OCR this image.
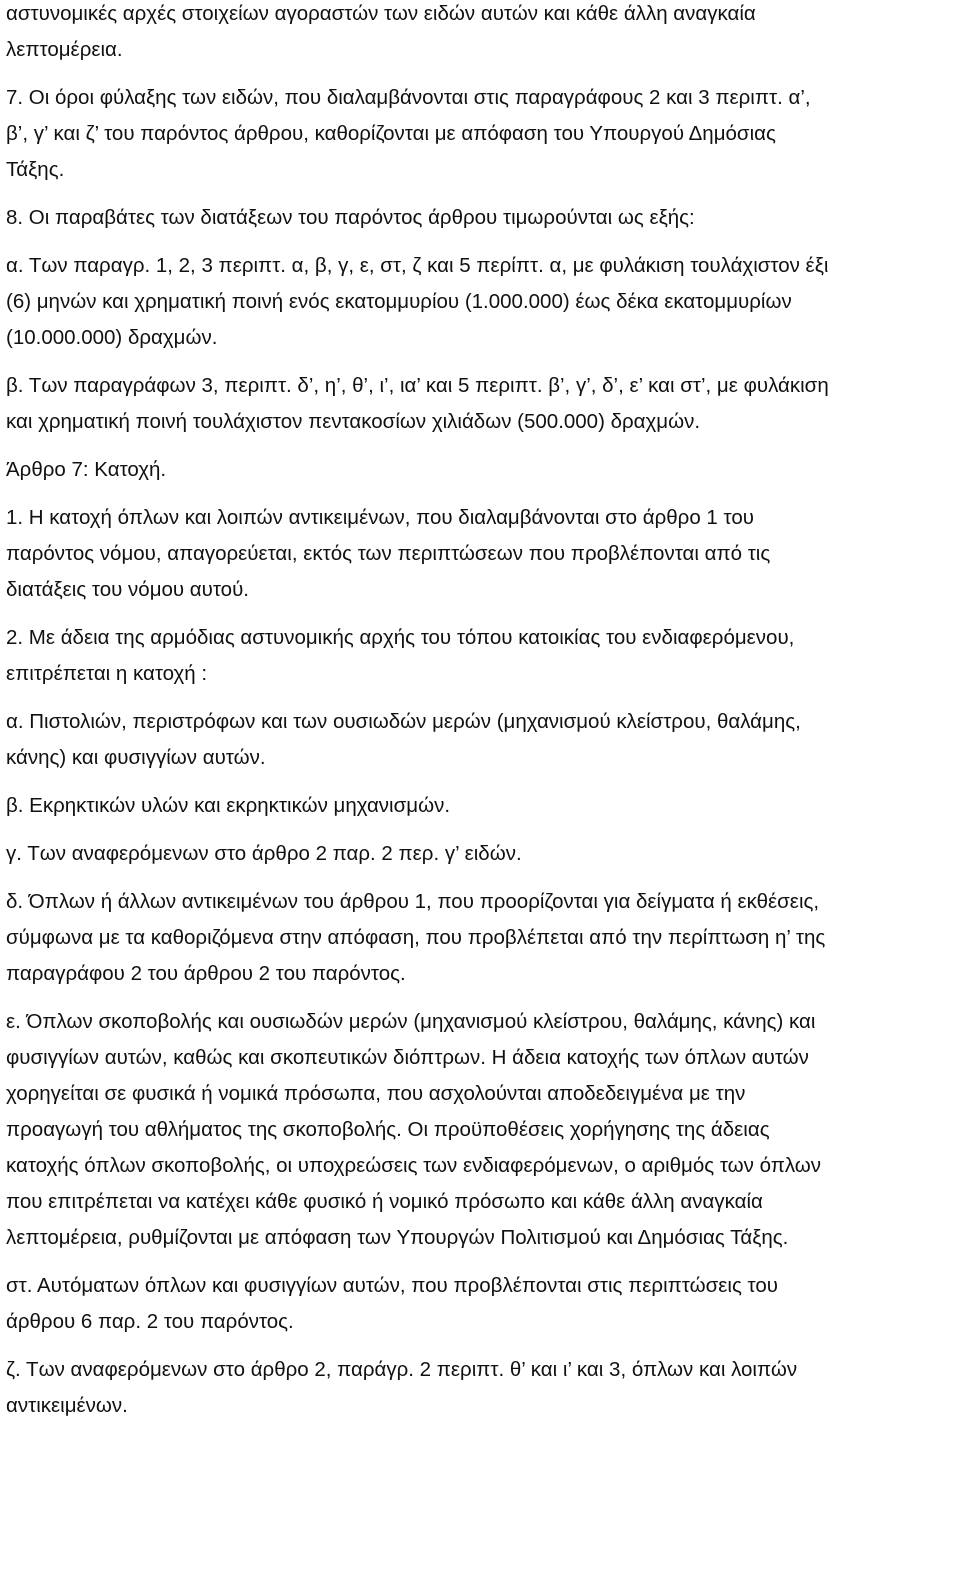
αστυνομικές αρχές στοιχείων αγοραστών των ειδών αυτών και κάθε άλλη αναγκαία
λεπτομέρεια.

7. Οι όροι φύλαξης των ειδών, που διαλαμβάνονται στις παραγράφους 2 και 3 περιπτ. α’,
β’, γ’ και ζ’ του παρόντος άρθρου, καθορίζονται με απόφαση του Υπουργού Δημόσιας
Τάξης.

8. Οι παραβάτες των διατάξεων του παρόντος άρθρου τιμωρούνται ως εξής:

α. Των παραγρ. 1, 2, 3 περιπτ. α, β, γ, ε, στ, ζ και 5 περίπτ. α, με φυλάκιση τουλάχιστον έξι
(6) μηνών και χρηματική ποινή ενός εκατομμυρίου (1.000.000) έως δέκα εκατομμυρίων
(10.000.000) δραχμών.

β. Των παραγράφων 3, περιπτ. δ’, η’, θ’, ι’, ια’ και 5 περιπτ. β’, γ’, δ’, ε’ και στ’, με φυλάκιση
και χρηματική ποινή τουλάχιστον πεντακοσίων χιλιάδων (500.000) δραχμών.

Άρθρο 7: Κατοχή.

1. Η κατοχή όπλων και λοιπών αντικειμένων, που διαλαμβάνονται στο άρθρο 1 του
παρόντος νόμου, απαγορεύεται, εκτός των περιπτώσεων που προβλέπονται από τις
διατάξεις του νόμου αυτού.

2. Με άδεια της αρμόδιας αστυνομικής αρχής του τόπου κατοικίας του ενδιαφερόμενου,
επιτρέπεται η κατοχή :

α. Πιστολιών, περιστρόφων και των ουσιωδών μερών (μηχανισμού κλείστρου, θαλάμης,
κάνης) και φυσιγγίων αυτών.

β. Εκρηκτικών υλών και εκρηκτικών μηχανισμών.

γ. Των αναφερόμενων στο άρθρο 2 παρ. 2 περ. γ’ ειδών.

δ. Όπλων ή άλλων αντικειμένων του άρθρου 1, που προορίζονται για δείγματα ή εκθέσεις,
σύμφωνα με τα καθοριζόμενα στην απόφαση, που προβλέπεται από την περίπτωση η’ της
παραγράφου 2 του άρθρου 2 του παρόντος.

ε. Όπλων σκοποβολής και ουσιωδών μερών (μηχανισμού κλείστρου, θαλάμης, κάνης) και
φυσιγγίων αυτών, καθώς και σκοπευτικών διόπτρων. Η άδεια κατοχής των όπλων αυτών
χορηγείται σε φυσικά ή νομικά πρόσωπα, που ασχολούνται αποδεδειγμένα με την
προαγωγή του αθλήματος της σκοποβολής. Οι προϋποθέσεις χορήγησης της άδειας
κατοχής όπλων σκοποβολής, οι υποχρεώσεις των ενδιαφερόμενων, ο αριθμός των όπλων
που επιτρέπεται να κατέχει κάθε φυσικό ή νομικό πρόσωπο και κάθε άλλη αναγκαία
λεπτομέρεια, ρυθμίζονται με απόφαση των Υπουργών Πολιτισμού και Δημόσιας Τάξης.

στ. Αυτόματων όπλων και φυσιγγίων αυτών, που προβλέπονται στις περιπτώσεις του
άρθρου 6 παρ. 2 του παρόντος.

ζ. Των αναφερόμενων στο άρθρο 2, παράγρ. 2 περιπτ. θ’ και ι’ και 3, όπλων και λοιπών
αντικειμένων.
